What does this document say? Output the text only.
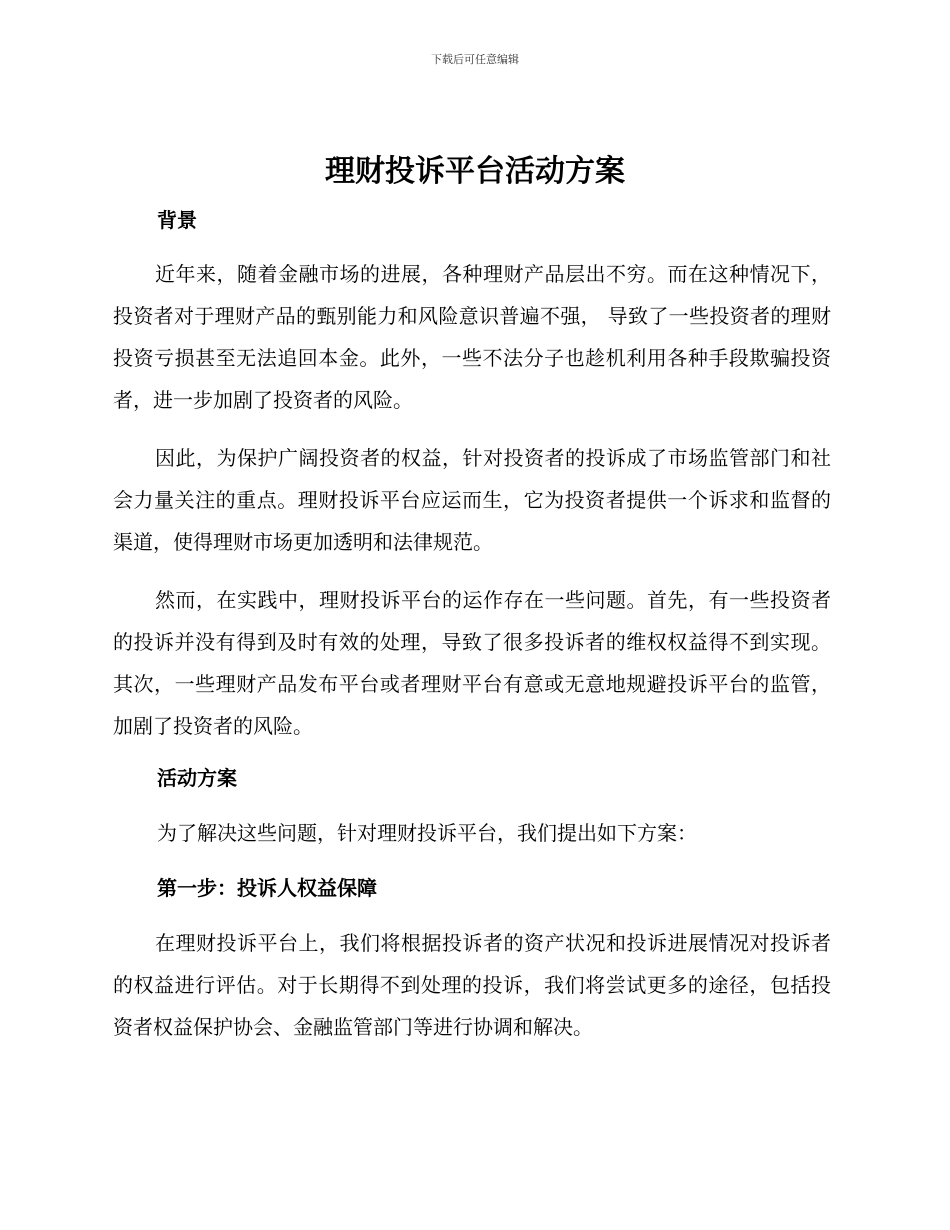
下载后可任意编辑
理财投诉平台活动方案
背景

近年来，随着金融市场的进展，各种理财产品层出不穷。而在这种情况下，投资者对于理财产品的甄别能力和风险意识普遍不强， 导致了一些投资者的理财投资亏损甚至无法追回本金。此外，一些不法分子也趁机利用各种手段欺骗投资者，进一步加剧了投资者的风险。

因此，为保护广阔投资者的权益，针对投资者的投诉成了市场监管部门和社会力量关注的重点。理财投诉平台应运而生，它为投资者提供一个诉求和监督的渠道，使得理财市场更加透明和法律规范。

然而，在实践中，理财投诉平台的运作存在一些问题。首先，有一些投资者的投诉并没有得到及时有效的处理，导致了很多投诉者的维权权益得不到实现。其次，一些理财产品发布平台或者理财平台有意或无意地规避投诉平台的监管，加剧了投资者的风险。

活动方案

为了解决这些问题，针对理财投诉平台，我们提出如下方案：

第一步：投诉人权益保障

在理财投诉平台上，我们将根据投诉者的资产状况和投诉进展情况对投诉者的权益进行评估。对于长期得不到处理的投诉，我们将尝试更多的途径，包括投资者权益保护协会、金融监管部门等进行协调和解决。
